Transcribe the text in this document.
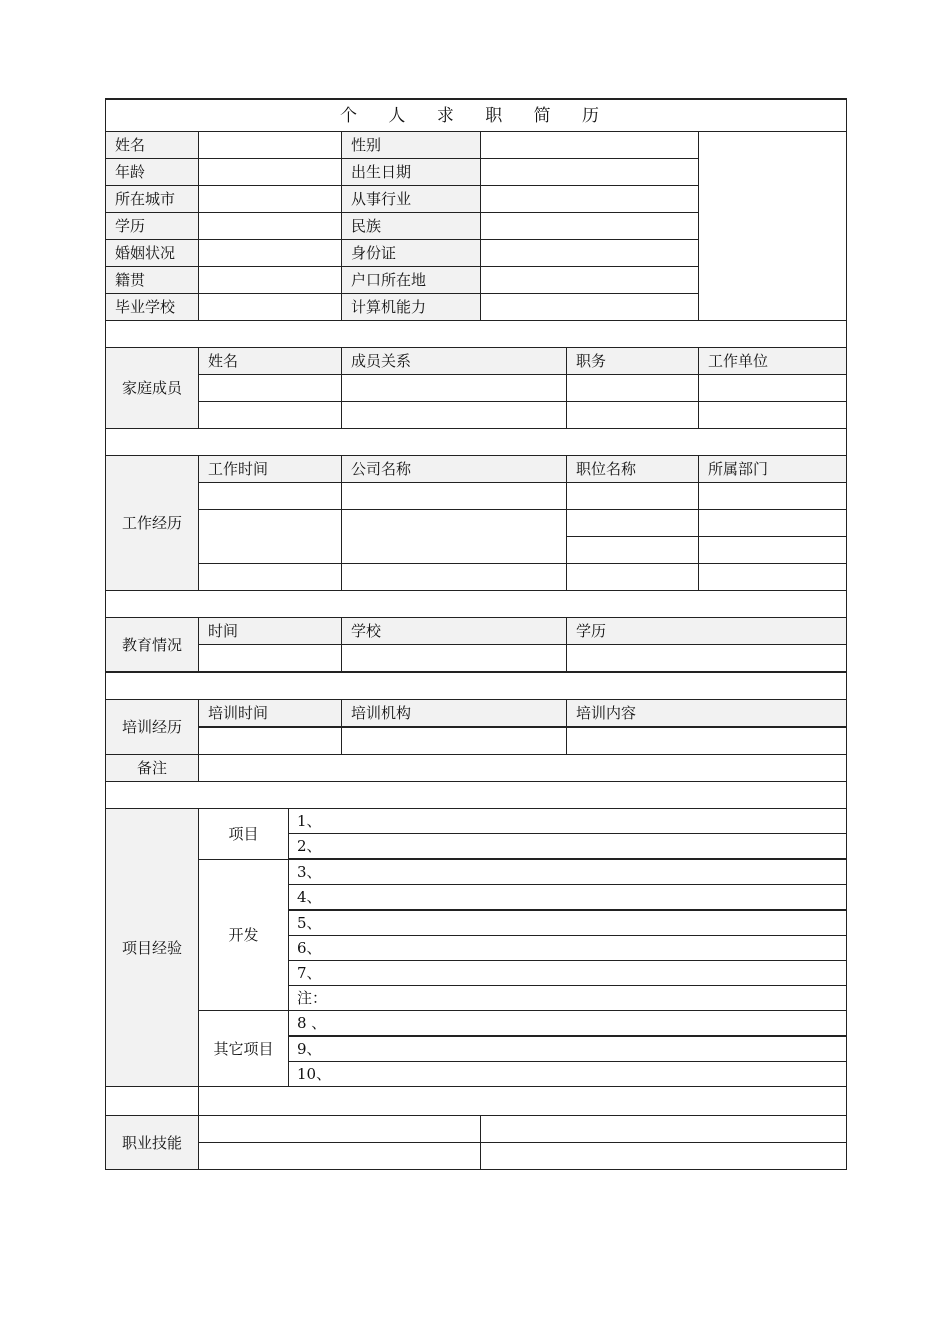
个 人 求 职 简 历						
姓名			性别			
年龄			出生日期			
所在城市			从事行业			
学历			民族			
婚姻状况			身份证			
籍贯			户口所在地			
毕业学校			计算机能力			

家庭成员	姓名		成员关系		职务	工作单位

工作经历	工作时间		公司名称		职位名称	所属部门

教育情况	时间		学校		学历	

培训经历	培训时间		培训机构		培训内容	

备注						

项目经验	项目	1、				
		2、				
	开发	3、				
		4、				
		5、				
		6、				
		7、				
		注：				
	其它项目	8 、				
		9、				
		10、				

职业技能						
